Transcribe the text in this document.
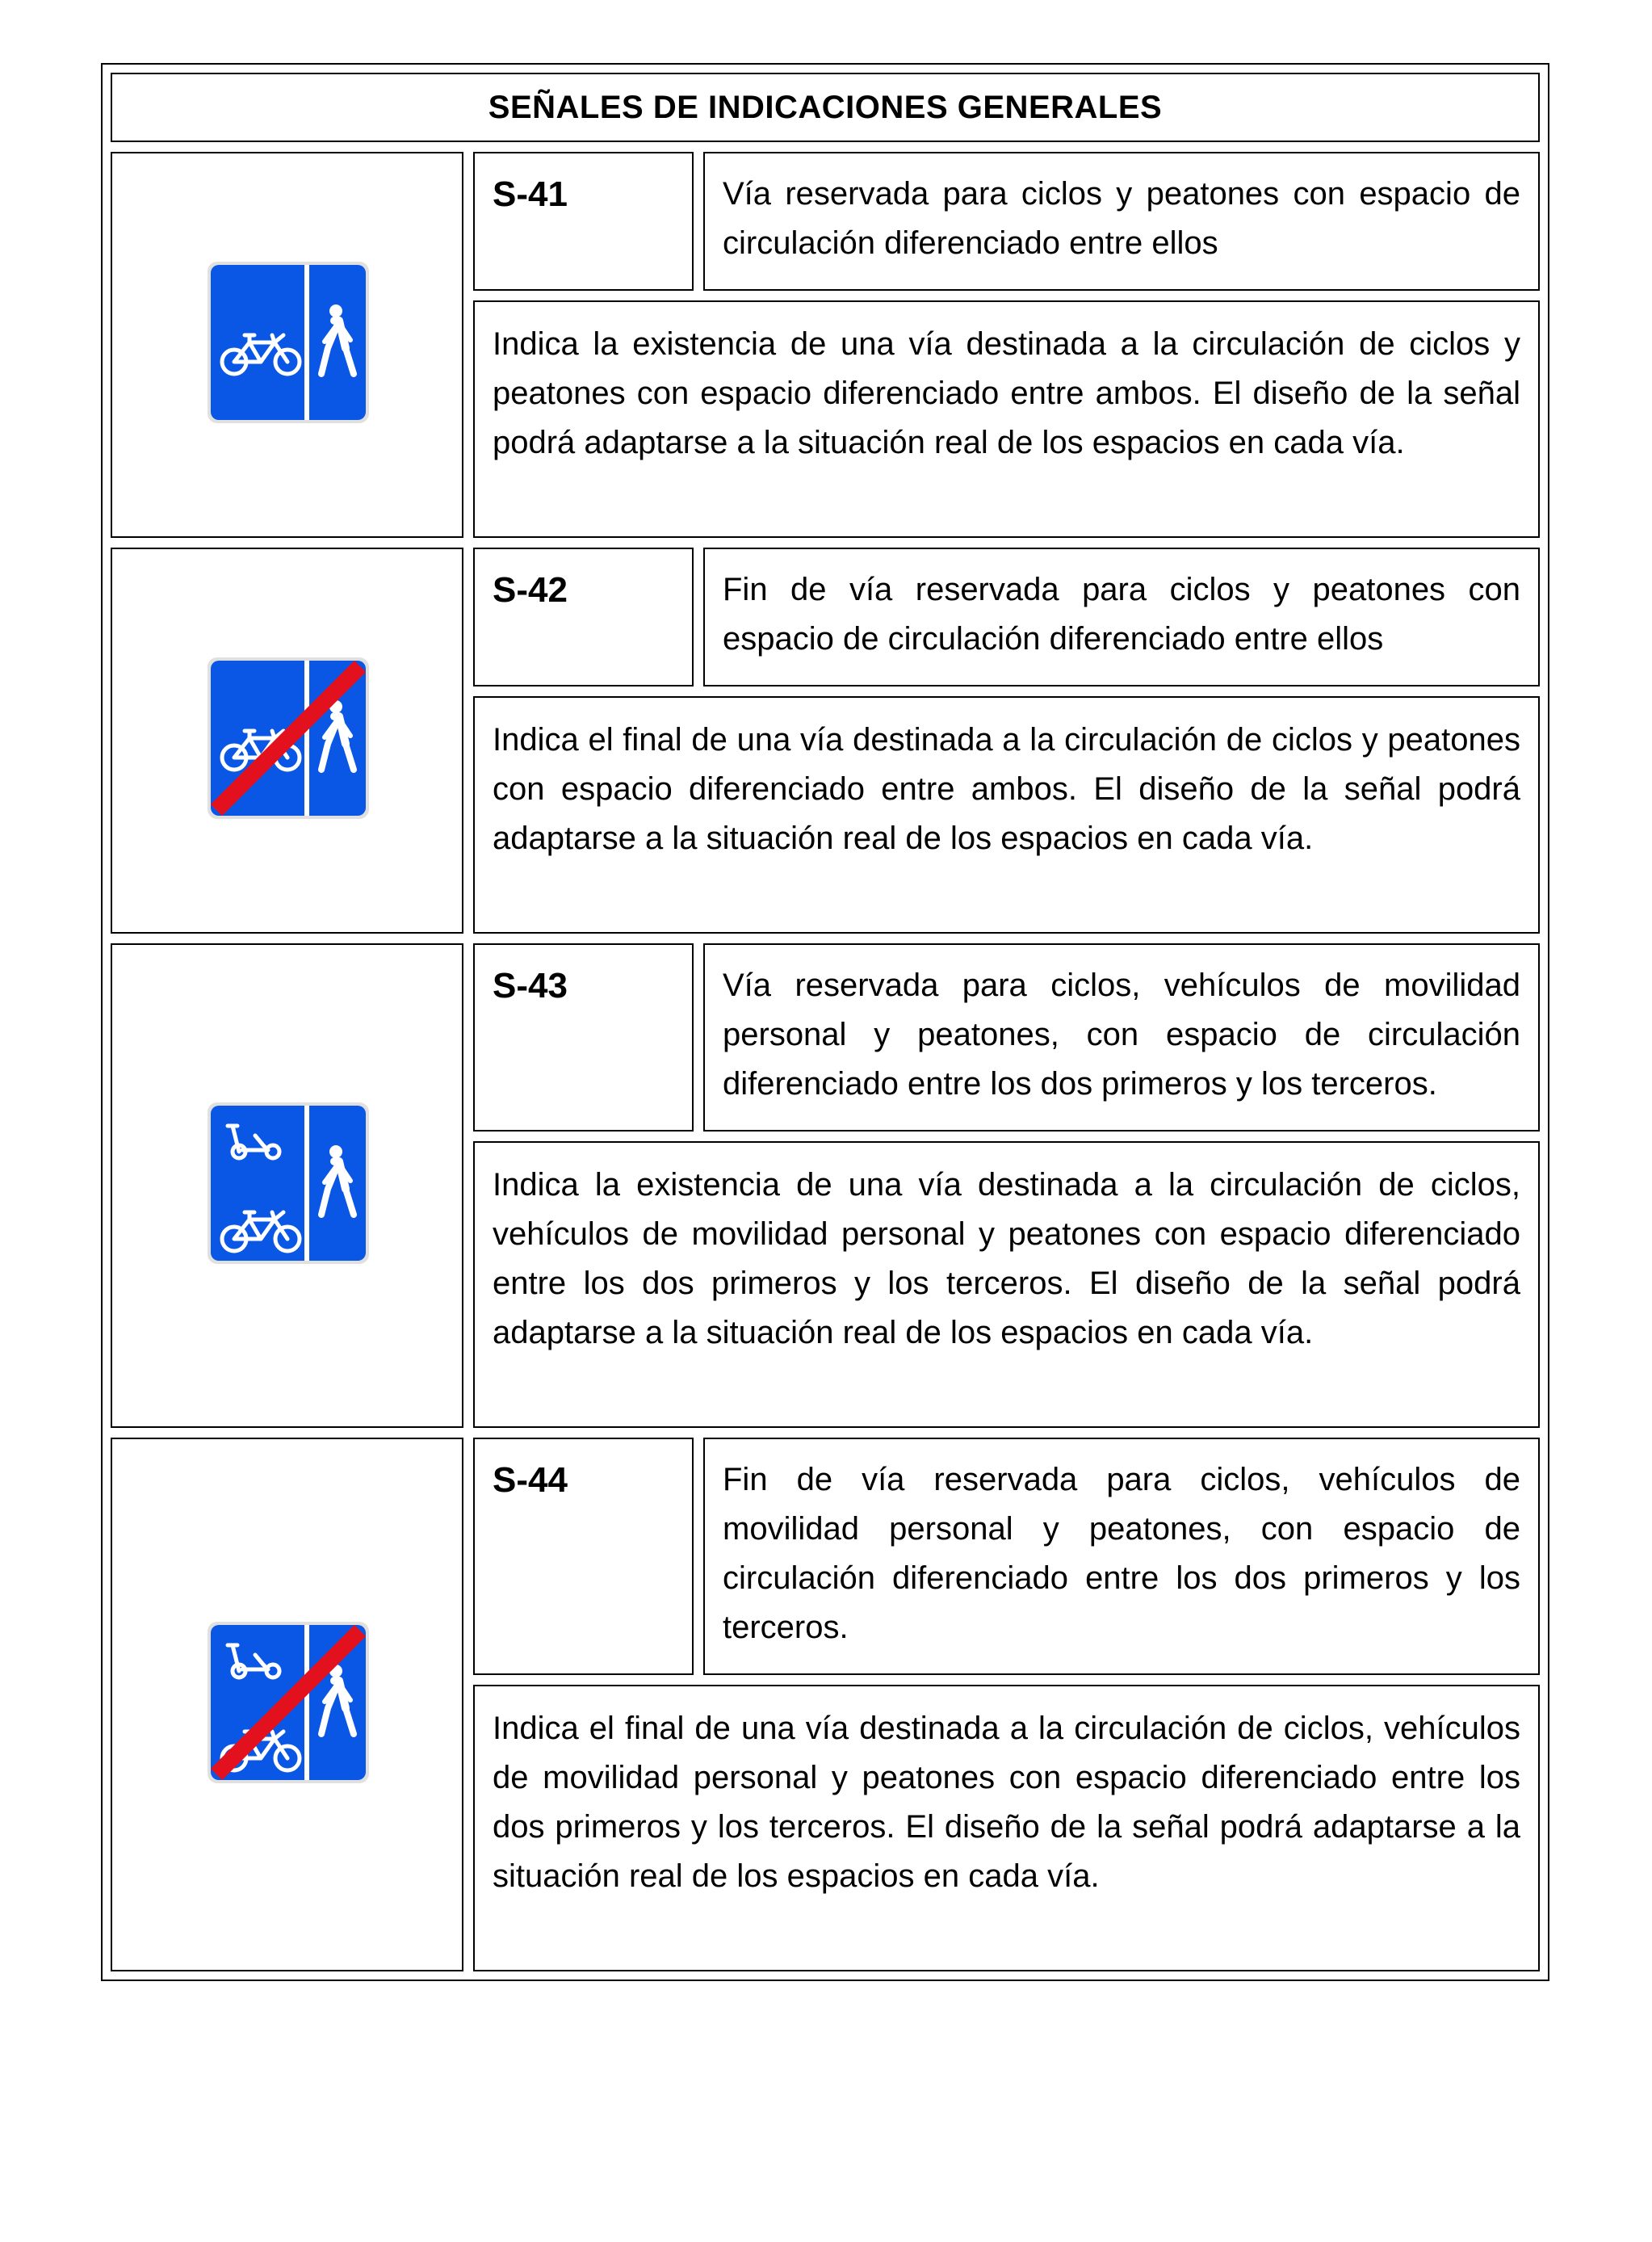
SEÑALES DE INDICACIONES GENERALES
S-41	Vía reservada para ciclos y peatones con espacio de circulación diferenciado entre ellos
Indica la existencia de una vía destinada a la circulación de ciclos y peatones con espacio diferenciado entre ambos. El diseño de la señal podrá adaptarse a la situación real de los espacios en cada vía.
S-42	Fin de vía reservada para ciclos y peatones con espacio de circulación diferenciado entre ellos
Indica el final de una vía destinada a la circulación de ciclos y peatones con espacio diferenciado entre ambos. El diseño de la señal podrá adaptarse a la situación real de los espacios en cada vía.
S-43	Vía reservada para ciclos, vehículos de movilidad personal y peatones, con espacio de circulación diferenciado entre los dos primeros y los terceros.
Indica la existencia de una vía destinada a la circulación de ciclos, vehículos de movilidad personal y peatones con espacio diferenciado entre los dos primeros y los terceros. El diseño de la señal podrá adaptarse a la situación real de los espacios en cada vía.
S-44	Fin de vía reservada para ciclos, vehículos de movilidad personal y peatones, con espacio de circulación diferenciado entre los dos primeros y los terceros.
Indica el final de una vía destinada a la circulación de ciclos, vehículos de movilidad personal y peatones con espacio diferenciado entre los dos primeros y los terceros. El diseño de la señal podrá adaptarse a la situación real de los espacios en cada vía.
